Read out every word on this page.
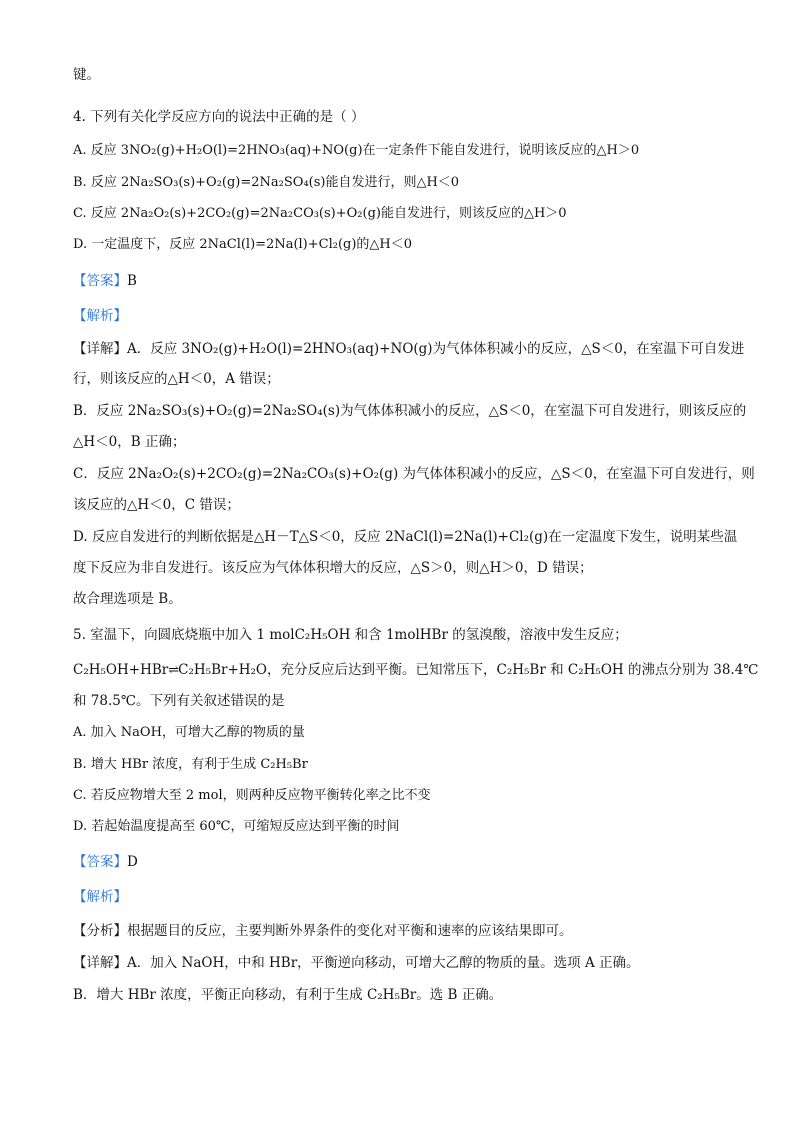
键。
4. 下列有关化学反应方向的说法中正确的是（ ）
A. 反应 3NO₂(g)+H₂O(l)=2HNO₃(aq)+NO(g)在一定条件下能自发进行，说明该反应的△H＞0
B. 反应 2Na₂SO₃(s)+O₂(g)=2Na₂SO₄(s)能自发进行，则△H＜0
C. 反应 2Na₂O₂(s)+2CO₂(g)=2Na₂CO₃(s)+O₂(g)能自发进行，则该反应的△H＞0
D. 一定温度下，反应 2NaCl(l)=2Na(l)+Cl₂(g)的△H＜0
【答案】B
【解析】
【详解】A．反应 3NO₂(g)+H₂O(l)=2HNO₃(aq)+NO(g)为气体体积减小的反应，△S＜0，在室温下可自发进
行，则该反应的△H＜0，A 错误；
B．反应 2Na₂SO₃(s)+O₂(g)=2Na₂SO₄(s)为气体体积减小的反应，△S＜0，在室温下可自发进行，则该反应的
△H＜0，B 正确；
C．反应 2Na₂O₂(s)+2CO₂(g)=2Na₂CO₃(s)+O₂(g) 为气体体积减小的反应，△S＜0，在室温下可自发进行，则
该反应的△H＜0，C 错误；
D. 反应自发进行的判断依据是△H－T△S＜0，反应 2NaCl(l)=2Na(l)+Cl₂(g)在一定温度下发生，说明某些温
度下反应为非自发进行。该反应为气体体积增大的反应，△S＞0，则△H＞0，D 错误；
故合理选项是 B。
5. 室温下，向圆底烧瓶中加入 1 molC₂H₅OH 和含 1molHBr 的氢溴酸，溶液中发生反应；
C₂H₅OH+HBr⇌C₂H₅Br+H₂O，充分反应后达到平衡。已知常压下，C₂H₅Br 和 C₂H₅OH 的沸点分别为 38.4℃
和 78.5℃。下列有关叙述错误的是
A. 加入 NaOH，可增大乙醇的物质的量
B. 增大 HBr 浓度，有利于生成 C₂H₅Br
C. 若反应物增大至 2 mol，则两种反应物平衡转化率之比不变
D. 若起始温度提高至 60℃，可缩短反应达到平衡的时间
【答案】D
【解析】
【分析】根据题目的反应，主要判断外界条件的变化对平衡和速率的应该结果即可。
【详解】A．加入 NaOH，中和 HBr，平衡逆向移动，可增大乙醇的物质的量。选项 A 正确。
B．增大 HBr 浓度，平衡正向移动，有利于生成 C₂H₅Br。选 B 正确。
